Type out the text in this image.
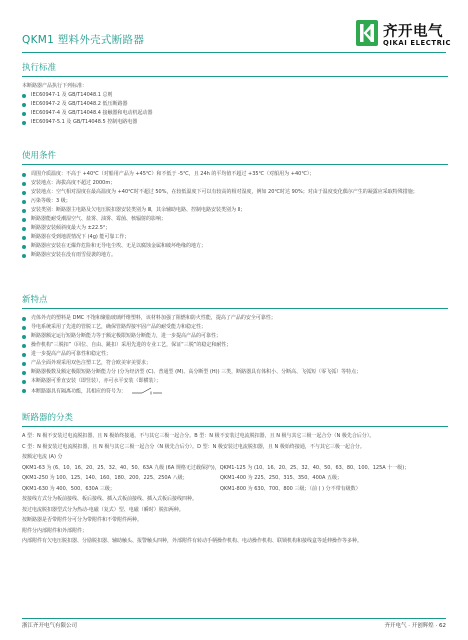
QKM1 塑料外壳式断路器	齐开电气
QIKAI ELECTRIC
执行标准
本断路器产品执行下列标准：
IEC60947-1 及 GB/T14048.1 总则
IEC60947-2 及 GB/T14048.2 低压断路器
IEC60947-4 及 GB/T14048.4 接触器和电动机起动器
IEC60947-5.1 及 GB/T14048.5 控制电路电器
使用条件
周围介质温度：不高于 +40℃（对船用产品为 +45℃）和不低于 -5℃，且 24h 的平均值不超过 +35℃（对船用为 +40℃）；
安装地点：海拔高度不超过 2000m；
安装地点：空气相对湿度在最高温度为 +40℃时不超过 50%，在较低温度下可以有较高的相对湿度，例如 20℃时达 90%；对由于温度变化偶尔产生的凝露应采取特殊措施；
污染等级：3 级；
安装类别：断路器主电路及欠电压脱扣器安装类别为 Ⅲ，其余辅助电路、控制电路安装类别为 Ⅱ；
断路器能耐受潮湿空气、盐雾、油雾、霉菌、核辐射的影响；
断路器安装倾斜度最大为 ±22.5°；
断路器在受到地震情况下 (4g) 能可靠工作；
断路器应安装在无爆炸危险和无导电尘埃、无足以腐蚀金属和破坏绝缘的地方；
断路器应安装在没有雨雪侵袭的地方。
新特点
壳体外壳的塑料是 DMC 不饱和聚脂玻璃纤维塑料，该材料加强了阻燃和防火性能，提高了产品的安全可靠性；
导电系统采用了先进的管脱工艺，确保管路焊接牢固产品的耐受能力和稳定性；
断路器额定运行短路分断能力等于额定极限短路分断能力，进一步提高产品的可靠性；
操作机构“三脱扣”（回位、自由、跳扣）采用先进的专业工艺，保证“三脱”的稳定和耐性；
进一步提高产品的可靠性和稳定性；
产品全面外观采用双色注塑工艺，符合欧美审美要求；
断路器极数及额定极限短路分断能力分 (分为经济型 (C)、普通型 (M)、高分断型 (H)) 三类，断路器具有体积小、分断高、飞弧短（零飞弧）等特点；
本断路器可垂直安装（即竖装），亦可水平安装（即横装）；
本断路器具有隔离功能，其相应的符号为：
断路器的分类
A 型：N 极不安装过电流脱扣器，且 N 极始终接通，不与其它三极一起合分。B 型：N 极不安装过电流脱扣器，且 N 极与其它三极一起合分（N 极先合后分）。
C 型：N 极安装过电流脱扣器，且 N 极与其它三极一起合分（N 极先合后分）。D 型：N 极安装过电流脱扣器，且 N 极始终接通，不与其它三极一起合分。
按额定电流 (A) 分
QKM1-63 为 (6、10、16、20、25、32、40、50、63A 九级 (6A 规格无过载保护))，QKM1-125 为 (10、16、20、25、32、40、50、63、80、100、125A 十一级)；
QKM1-250 为 100、125、140、160、180、200、225、250A 八级；	QKM1-400 为 225、250、315、350、400A 五级；
QKM1-630 为 400、500、630A 三级；	QKM1-800 为 630、700、800 三级；（前 ( ) 分不带有级数）
按接线方式分为板前接线、板后接线、插入式板前接线、插入式板后接线四种。
按过电流脱扣器型式分为热动-电磁（复式）型、电磁（瞬时）脱扣两种。
按断路器是否带附件分可分为带附件和不带附件两种。
附件分内部附件和外部附件；
内部附件有欠电压脱扣器、分励脱扣器、辅助触头、报警触头四种，外部附件有转动手柄操作机构、电动操作机构、联锁机构和接线盒等延伸操作等多种。
浙江齐开电气有限公司	齐开电气 · 开创辉煌 · 62
